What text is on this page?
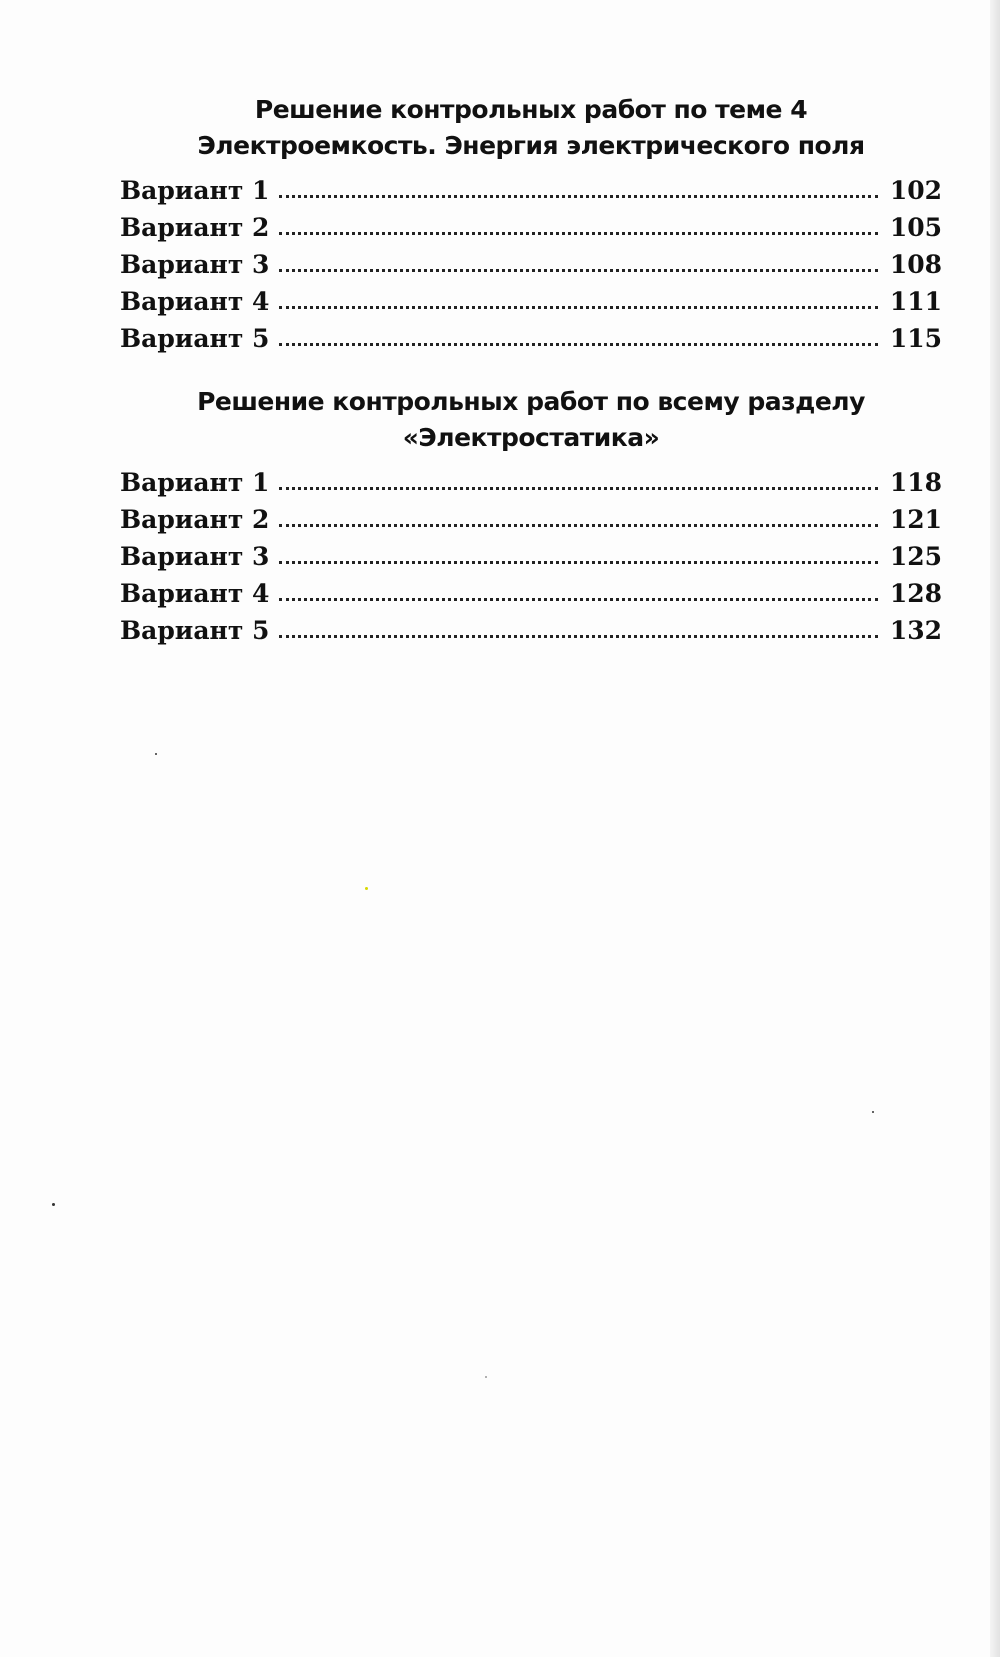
Решение контрольных работ по теме 4
Электроемкость. Энергия электрического поля
Вариант 1	102
Вариант 2	105
Вариант 3	108
Вариант 4	111
Вариант 5	115
Решение контрольных работ по всему разделу
«Электростатика»
Вариант 1	118
Вариант 2	121
Вариант 3	125
Вариант 4	128
Вариант 5	132
